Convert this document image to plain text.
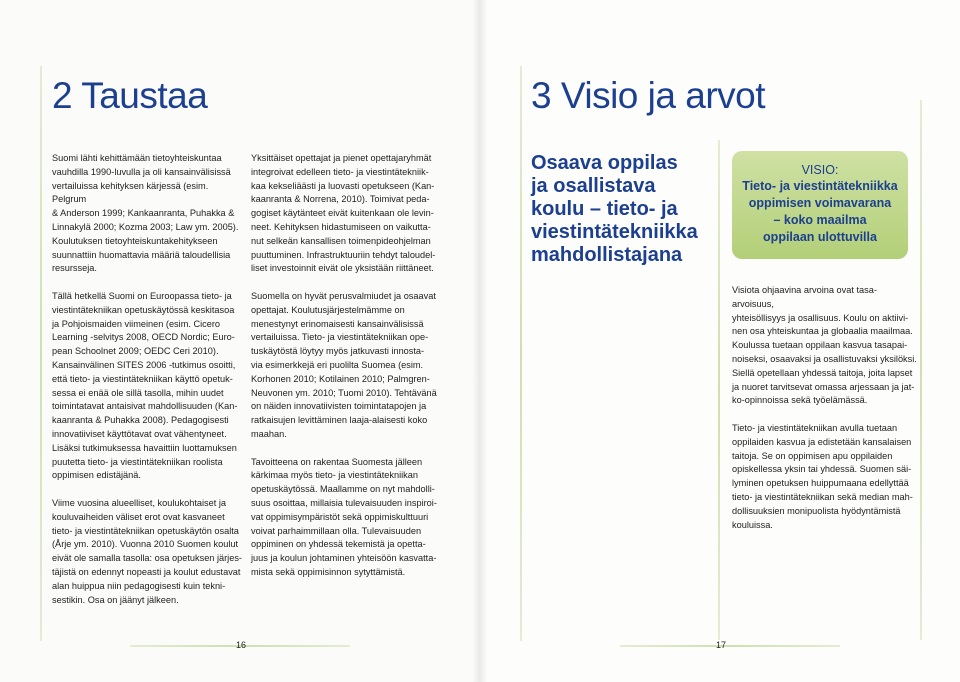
2 Taustaa

Suomi lähti kehittämään tietoyhteiskuntaa
vauhdilla 1990-luvulla ja oli kansainvälisissä
vertailuissa kehityksen kärjessä (esim. Pelgrum
& Anderson 1999; Kankaanranta, Puhakka &
Linnakylä 2000; Kozma 2003; Law ym. 2005).
Koulutuksen tietoyhteiskuntakehitykseen
suunnattiin huomattavia määriä taloudellisia
resursseja.

Tällä hetkellä Suomi on Euroopassa tieto- ja
viestintätekniikan opetuskäytössä keskitasoa
ja Pohjoismaiden viimeinen (esim. Cicero
Learning -selvitys 2008, OECD Nordic; Euro-
pean Schoolnet 2009; OEDC Ceri 2010).
Kansainvälinen SITES 2006 -tutkimus osoitti,
että tieto- ja viestintätekniikan käyttö opetuk-
sessa ei enää ole sillä tasolla, mihin uudet
toimintatavat antaisivat mahdollisuuden (Kan-
kaanranta & Puhakka 2008). Pedagogisesti
innovatiiviset käyttötavat ovat vähentyneet.
Lisäksi tutkimuksessa havaittiin luottamuksen
puutetta tieto- ja viestintätekniikan roolista
oppimisen edistäjänä.

Viime vuosina alueelliset, koulukohtaiset ja
kouluvaiheiden väliset erot ovat kasvaneet
tieto- ja viestintätekniikan opetuskäytön osalta
(Årje ym. 2010). Vuonna 2010 Suomen koulut
eivät ole samalla tasolla: osa opetuksen järjes-
täjistä on edennyt nopeasti ja koulut edustavat
alan huippua niin pedagogisesti kuin tekni-
sestikin. Osa on jäänyt jälkeen.

Yksittäiset opettajat ja pienet opettajaryhmät
integroivat edelleen tieto- ja viestintätekniik-
kaa kekseliäästi ja luovasti opetukseen (Kan-
kaanranta & Norrena, 2010). Toimivat peda-
gogiset käytänteet eivät kuitenkaan ole levin-
neet. Kehityksen hidastumiseen on vaikutta-
nut selkeän kansallisen toimenpideohjelman
puuttuminen. Infrastruktuuriin tehdyt taloudel-
liset investoinnit eivät ole yksistään riittäneet.

Suomella on hyvät perusvalmiudet ja osaavat
opettajat. Koulutusjärjestelmämme on
menestynyt erinomaisesti kansainvälisissä
vertailuissa. Tieto- ja viestintätekniikan ope-
tuskäytöstä löytyy myös jatkuvasti innosta-
via esimerkkejä eri puolilta Suomea (esim.
Korhonen 2010; Kotilainen 2010; Palmgren-
Neuvonen ym. 2010; Tuomi 2010). Tehtävänä
on näiden innovatiivisten toimintatapojen ja
ratkaisujen levittäminen laaja-alaisesti koko
maahan.

Tavoitteena on rakentaa Suomesta jälleen
kärkimaa myös tieto- ja viestintätekniikan
opetuskäytössä. Maallamme on nyt mahdolli-
suus osoittaa, millaisia tulevaisuuden inspiroi-
vat oppimisympäristöt sekä oppimiskulttuuri
voivat parhaimmillaan olla. Tulevaisuuden
oppiminen on yhdessä tekemistä ja opetta-
juus ja koulun johtaminen yhteisöön kasvatta-
mista sekä oppimisinnon sytyttämistä.

16
3 Visio ja arvot
Osaava oppilas
ja osallistava
koulu – tieto- ja
viestintätekniikka
mahdollistajana
VISIO:
Tieto- ja viestintätekniikka
oppimisen voimavarana
– koko maailma
oppilaan ulottuvilla

Visiota ohjaavina arvoina ovat tasa-arvoisuus,
yhteisöllisyys ja osallisuus. Koulu on aktiivi-
nen osa yhteiskuntaa ja globaalia maailmaa.
Koulussa tuetaan oppilaan kasvua tasapai-
noiseksi, osaavaksi ja osallistuvaksi yksilöksi.
Siellä opetellaan yhdessä taitoja, joita lapset
ja nuoret tarvitsevat omassa arjessaan ja jat-
ko-opinnoissa sekä työelämässä.

Tieto- ja viestintätekniikan avulla tuetaan
oppilaiden kasvua ja edistetään kansalaisen
taitoja. Se on oppimisen apu oppilaiden
opiskellessa yksin tai yhdessä. Suomen säi-
lyminen opetuksen huippumaana edellyttää
tieto- ja viestintätekniikan sekä median mah-
dollisuuksien monipuolista hyödyntämistä
kouluissa.

17
